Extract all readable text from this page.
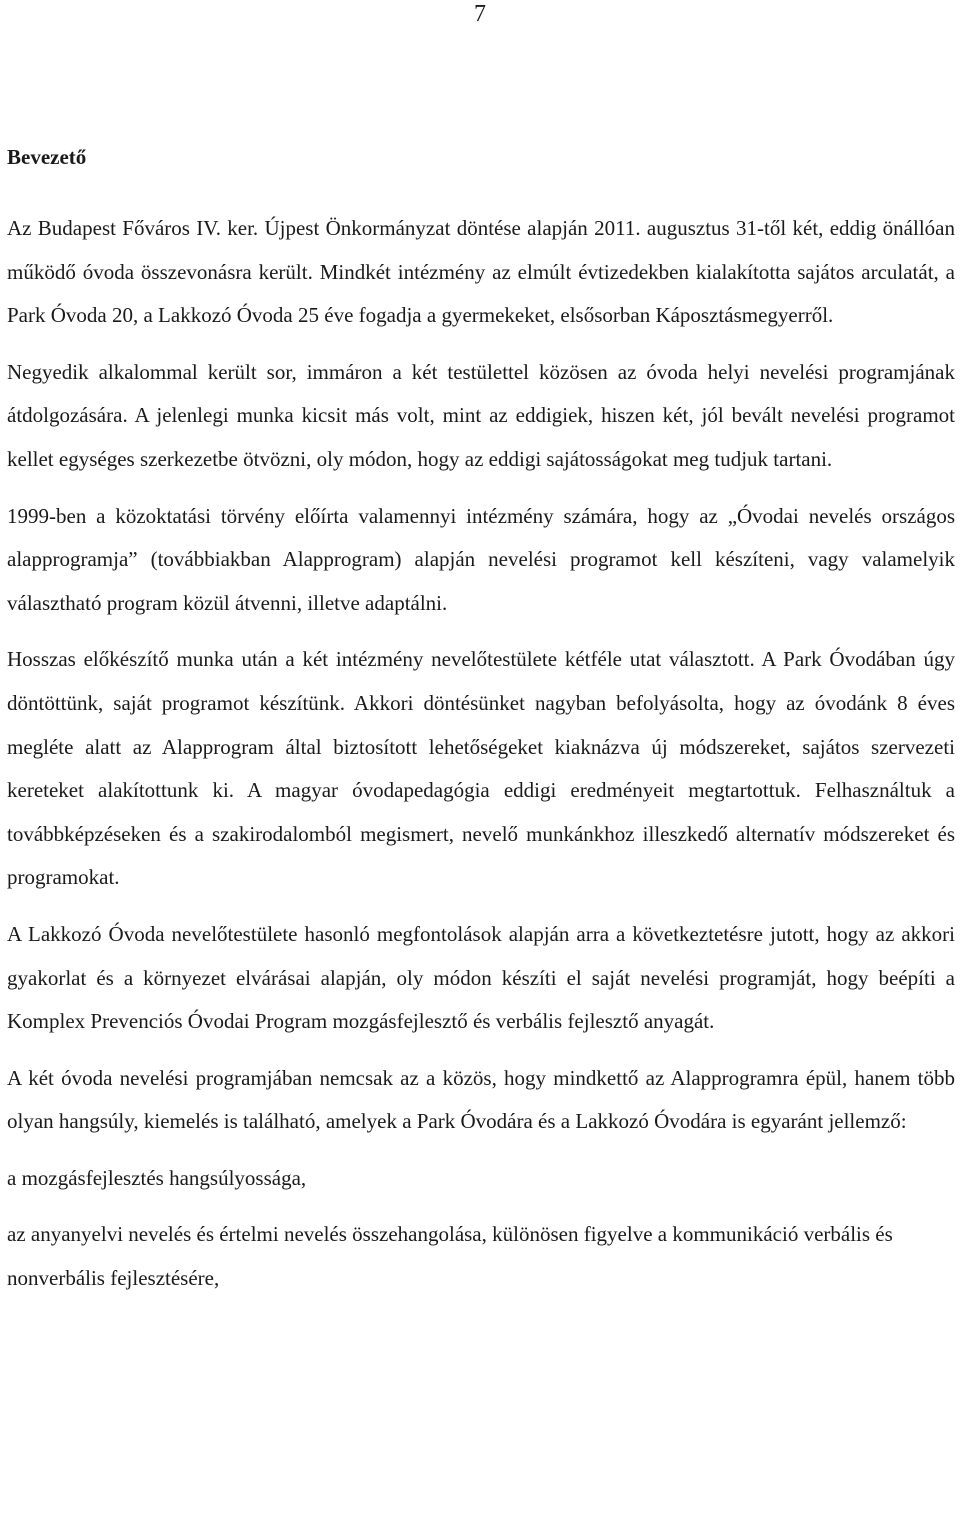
7
Bevezető

Az Budapest Főváros IV. ker. Újpest Önkormányzat döntése alapján 2011. augusztus 31-től két, eddig önállóan működő óvoda összevonásra került. Mindkét intézmény az elmúlt évtizedekben kialakította sajátos arculatát, a Park Óvoda 20, a Lakkozó Óvoda 25 éve fogadja a gyermekeket, elsősorban Káposztásmegyerről.

Negyedik alkalommal került sor, immáron a két testülettel közösen az óvoda helyi nevelési programjának átdolgozására. A jelenlegi munka kicsit más volt, mint az eddigiek, hiszen két, jól bevált nevelési programot kellet egységes szerkezetbe ötvözni, oly módon, hogy az eddigi sajátosságokat meg tudjuk tartani.

1999-ben a közoktatási törvény előírta valamennyi intézmény számára, hogy az „Óvodai nevelés országos alapprogramja” (továbbiakban Alapprogram) alapján nevelési programot kell készíteni, vagy valamelyik választható program közül átvenni, illetve adaptálni.

Hosszas előkészítő munka után a két intézmény nevelőtestülete kétféle utat választott. A Park Óvodában úgy döntöttünk, saját programot készítünk. Akkori döntésünket nagyban befolyásolta, hogy az óvodánk 8 éves megléte alatt az Alapprogram által biztosított lehetőségeket kiaknázva új módszereket, sajátos szervezeti kereteket alakítottunk ki. A magyar óvodapedagógia eddigi eredményeit megtartottuk. Felhasználtuk a továbbképzéseken és a szakirodalomból megismert, nevelő munkánkhoz illeszkedő alternatív módszereket és programokat.

A Lakkozó Óvoda nevelőtestülete hasonló megfontolások alapján arra a következtetésre jutott, hogy az akkori gyakorlat és a környezet elvárásai alapján, oly módon készíti el saját nevelési programját, hogy beépíti a Komplex Prevenciós Óvodai Program mozgásfejlesztő és verbális fejlesztő anyagát.

A két óvoda nevelési programjában nemcsak az a közös, hogy mindkettő az Alapprogramra épül, hanem több olyan hangsúly, kiemelés is található, amelyek a Park Óvodára és a Lakkozó Óvodára is egyaránt jellemző:

a mozgásfejlesztés hangsúlyossága,

az anyanyelvi nevelés és értelmi nevelés összehangolása, különösen figyelve a kommunikáció verbális és nonverbális fejlesztésére,
